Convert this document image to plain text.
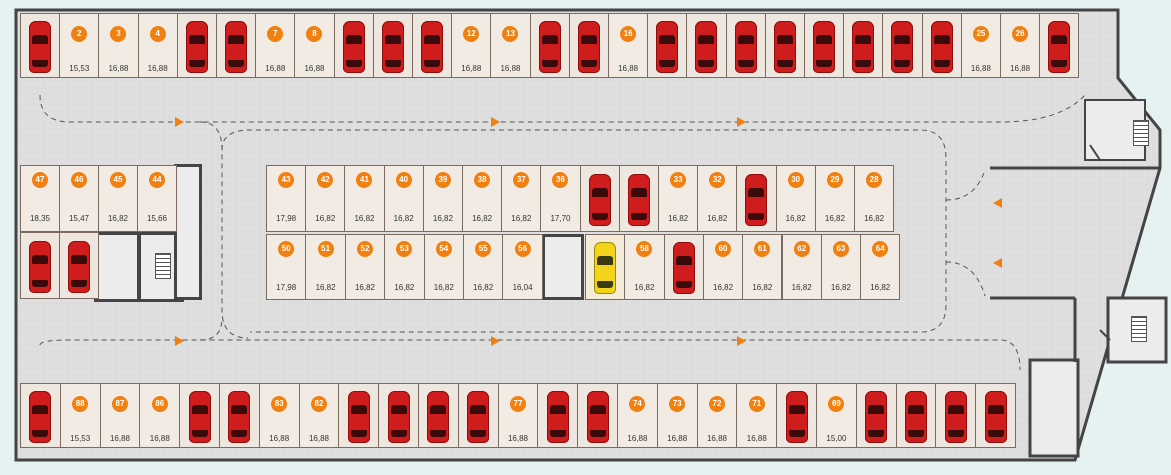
2
15,53
3
16,88
4
16,88
7
16,88
8
16,88
12
16,88
13
16,88
16
16,88
25
16,88
26
16,88
88
15,53
87
16,88
86
16,88
83
16,88
82
16,88
77
16,88
74
16,88
73
16,88
72
16,88
71
16,88
69
15,00
47
18,35
46
15,47
45
16,82
44
15,66
43
17,98
42
16,82
41
16,82
40
16,82
39
16,82
38
16,82
37
16,82
36
17,70
33
16,82
32
16,82
30
16,82
29
16,82
28
16,82
50
17,98
51
16,82
52
16,82
53
16,82
54
16,82
55
16,82
56
16,04
58
16,82
60
16,82
61
16,82
62
16,82
63
16,82
64
16,82
